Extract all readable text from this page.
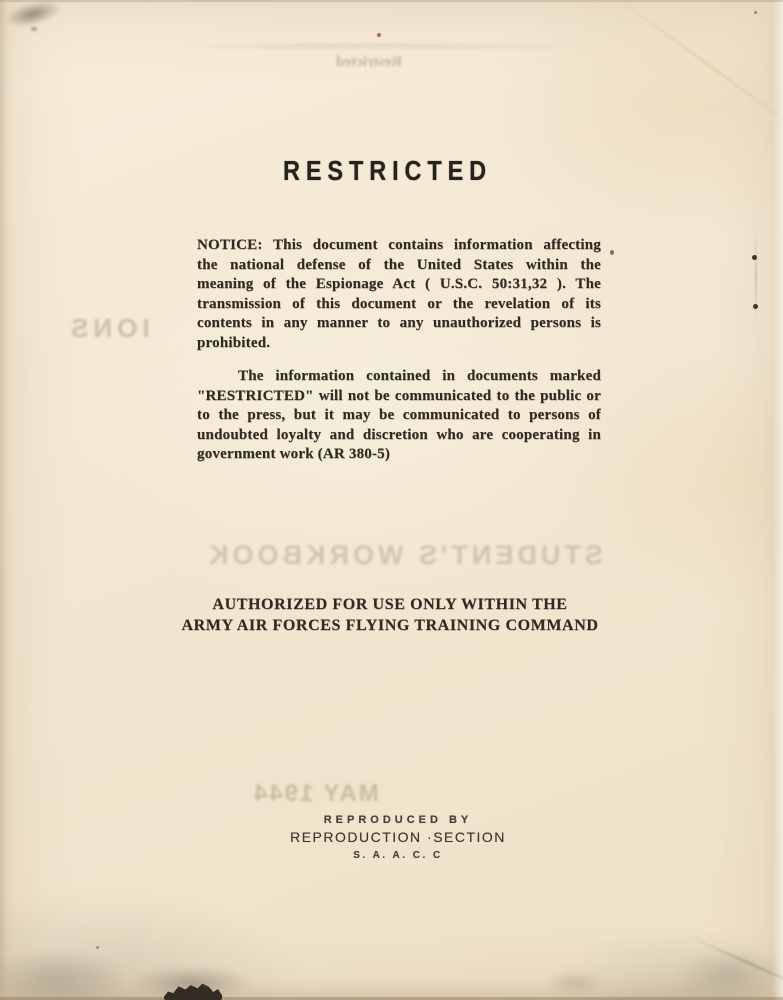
Restricted
IONS
STUDENT'S WORKBOOK
MAY 1944
RESTRICTED
NOTICE: This document contains information affecting
the national defense of the United States within the
meaning of the Espionage Act ( U.S.C. 50:31,32 ). The
transmission of this document or the revelation of its
contents in any manner to any unauthorized persons is
prohibited.
The information contained in documents marked
"RESTRICTED" will not be communicated to the public or
to the press, but it may be communicated to persons of
undoubted loyalty and discretion who are cooperating in
government work (AR 380-5)
AUTHORIZED FOR USE ONLY WITHIN THE
ARMY AIR FORCES FLYING TRAINING COMMAND
REPRODUCED BY
REPRODUCTION ·SECTION
S. A. A. C. C
